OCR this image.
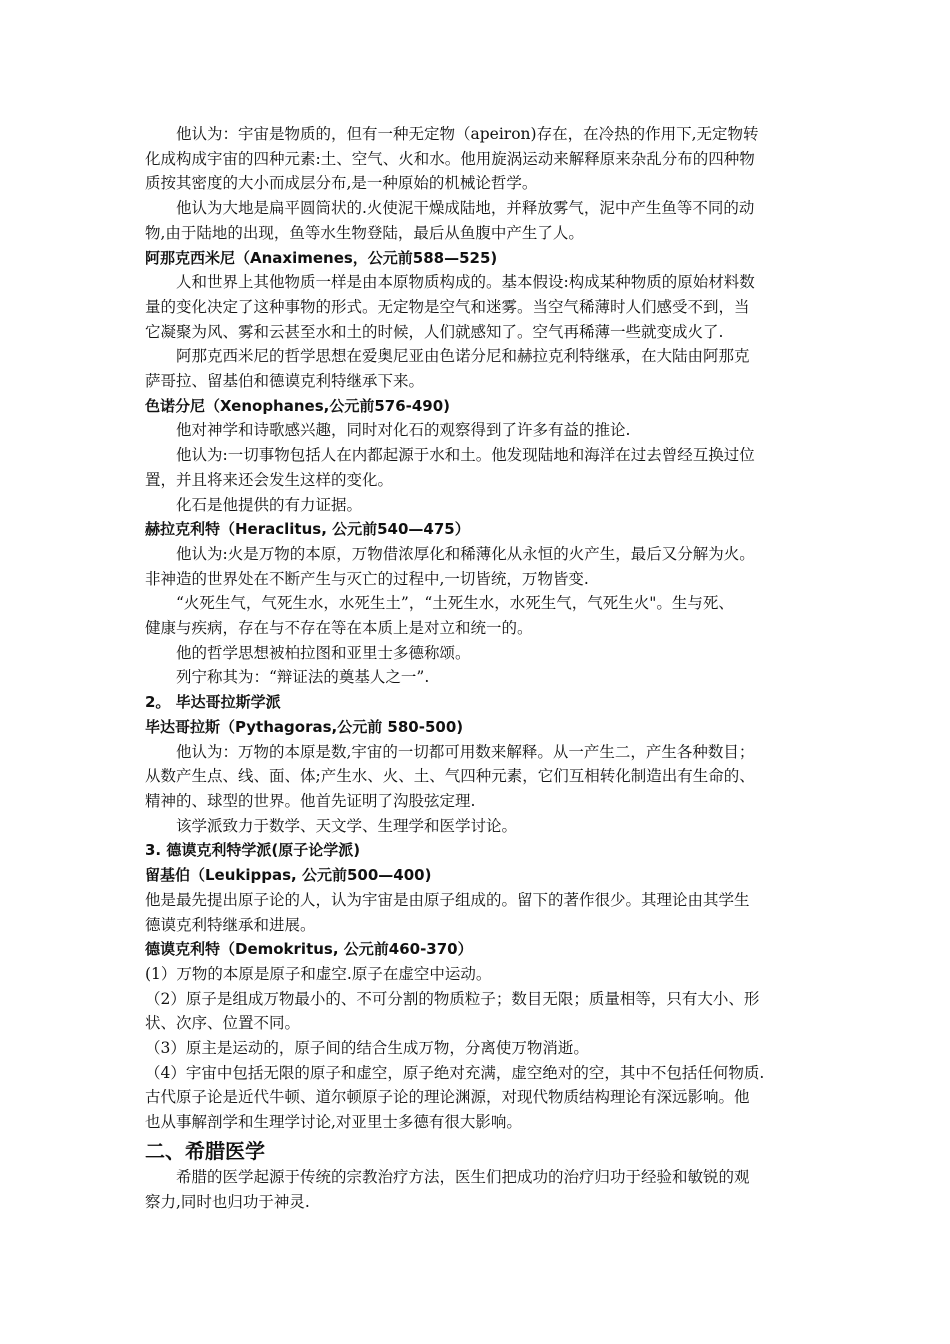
他认为：宇宙是物质的，但有一种无定物（apeiron)存在，在冷热的作用下,无定物转

化成构成宇宙的四种元素:土、空气、火和水。他用旋涡运动来解释原来杂乱分布的四种物

质按其密度的大小而成层分布,是一种原始的机械论哲学。

他认为大地是扁平圆筒状的.火使泥干燥成陆地，并释放雾气，泥中产生鱼等不同的动

物,由于陆地的出现，鱼等水生物登陆，最后从鱼腹中产生了人。

阿那克西米尼（Anaximenes，公元前588—525)

人和世界上其他物质一样是由本原物质构成的。基本假设:构成某种物质的原始材料数

量的变化决定了这种事物的形式。无定物是空气和迷雾。当空气稀薄时人们感受不到，当

它凝聚为风、雾和云甚至水和土的时候，人们就感知了。空气再稀薄一些就变成火了.

阿那克西米尼的哲学思想在爱奥尼亚由色诺分尼和赫拉克利特继承，在大陆由阿那克

萨哥拉、留基伯和德谟克利特继承下来。

色诺分尼（Xenophanes,公元前576-490)

他对神学和诗歌感兴趣，同时对化石的观察得到了许多有益的推论.

他认为:一切事物包括人在内都起源于水和土。他发现陆地和海洋在过去曾经互换过位

置，并且将来还会发生这样的变化。

化石是他提供的有力证据。

赫拉克利特（Heraclitus, 公元前540—475）

他认为:火是万物的本原，万物借浓厚化和稀薄化从永恒的火产生，最后又分解为火。

非神造的世界处在不断产生与灭亡的过程中,一切皆统，万物皆变.

“火死生气，气死生水，水死生土”，“土死生水，水死生气，气死生火"。生与死、

健康与疾病，存在与不存在等在本质上是对立和统一的。

他的哲学思想被柏拉图和亚里士多德称颂。

列宁称其为：“辩证法的奠基人之一”.

2。 毕达哥拉斯学派

毕达哥拉斯（Pythagoras,公元前 580-500)

他认为：万物的本原是数,宇宙的一切都可用数来解释。从一产生二，产生各种数目；

从数产生点、线、面、体;产生水、火、土、气四种元素，它们互相转化制造出有生命的、

精神的、球型的世界。他首先证明了沟股弦定理.

该学派致力于数学、天文学、生理学和医学讨论。

3. 德谟克利特学派(原子论学派)

留基伯（Leukippas, 公元前500—400)

他是最先提出原子论的人，认为宇宙是由原子组成的。留下的著作很少。其理论由其学生

德谟克利特继承和进展。

德谟克利特（Demokritus, 公元前460-370）

(1）万物的本原是原子和虚空.原子在虚空中运动。

（2）原子是组成万物最小的、不可分割的物质粒子；数目无限；质量相等，只有大小、形

状、次序、位置不同。

（3）原主是运动的，原子间的结合生成万物，分离使万物消逝。

（4）宇宙中包括无限的原子和虚空，原子绝对充满，虚空绝对的空，其中不包括任何物质.

古代原子论是近代牛顿、道尔顿原子论的理论渊源，对现代物质结构理论有深远影响。他

也从事解剖学和生理学讨论,对亚里士多德有很大影响。

二、希腊医学

希腊的医学起源于传统的宗教治疗方法，医生们把成功的治疗归功于经验和敏锐的观

察力,同时也归功于神灵.
